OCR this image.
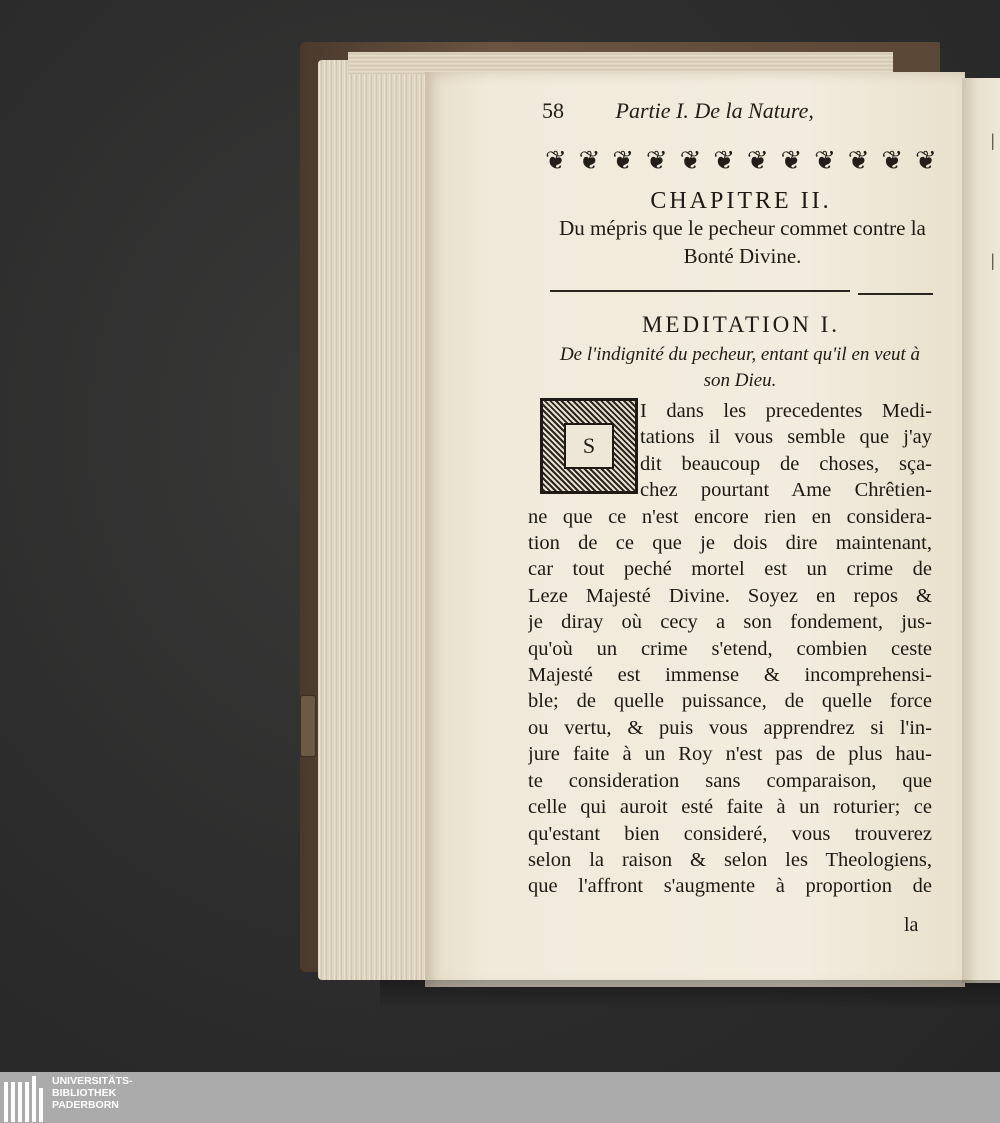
|
|
58 Partie I. De la Nature,
❦ ❦ ❦ ❦ ❦ ❦ ❦ ❦ ❦ ❦ ❦ ❦
CHAPITRE II.
Du mépris que le pecheur commet contre la Bonté Divine.
MEDITATION I.
De l'indignité du pecheur, entant qu'il en veut à son Dieu.
I dans les precedentes Medi-
tations il vous semble que j'ay
dit beaucoup de choses, sça-
chez pourtant Ame Chrêtien-
ne que ce n'est encore rien en considera-
tion de ce que je dois dire maintenant,
car tout peché mortel est un crime de
Leze Majesté Divine. Soyez en repos &
je diray où cecy a son fondement, jus-
qu'où un crime s'etend, combien ceste
Majesté est immense & incomprehensi-
ble; de quelle puissance, de quelle force
ou vertu, & puis vous apprendrez si l'in-
jure faite à un Roy n'est pas de plus hau-
te consideration sans comparaison, que
celle qui auroit esté faite à un roturier; ce
qu'estant bien consideré, vous trouverez
selon la raison & selon les Theologiens,
que l'affront s'augmente à proportion de
S
la
UNIVERSITÄTS-
BIBLIOTHEK
PADERBORN
